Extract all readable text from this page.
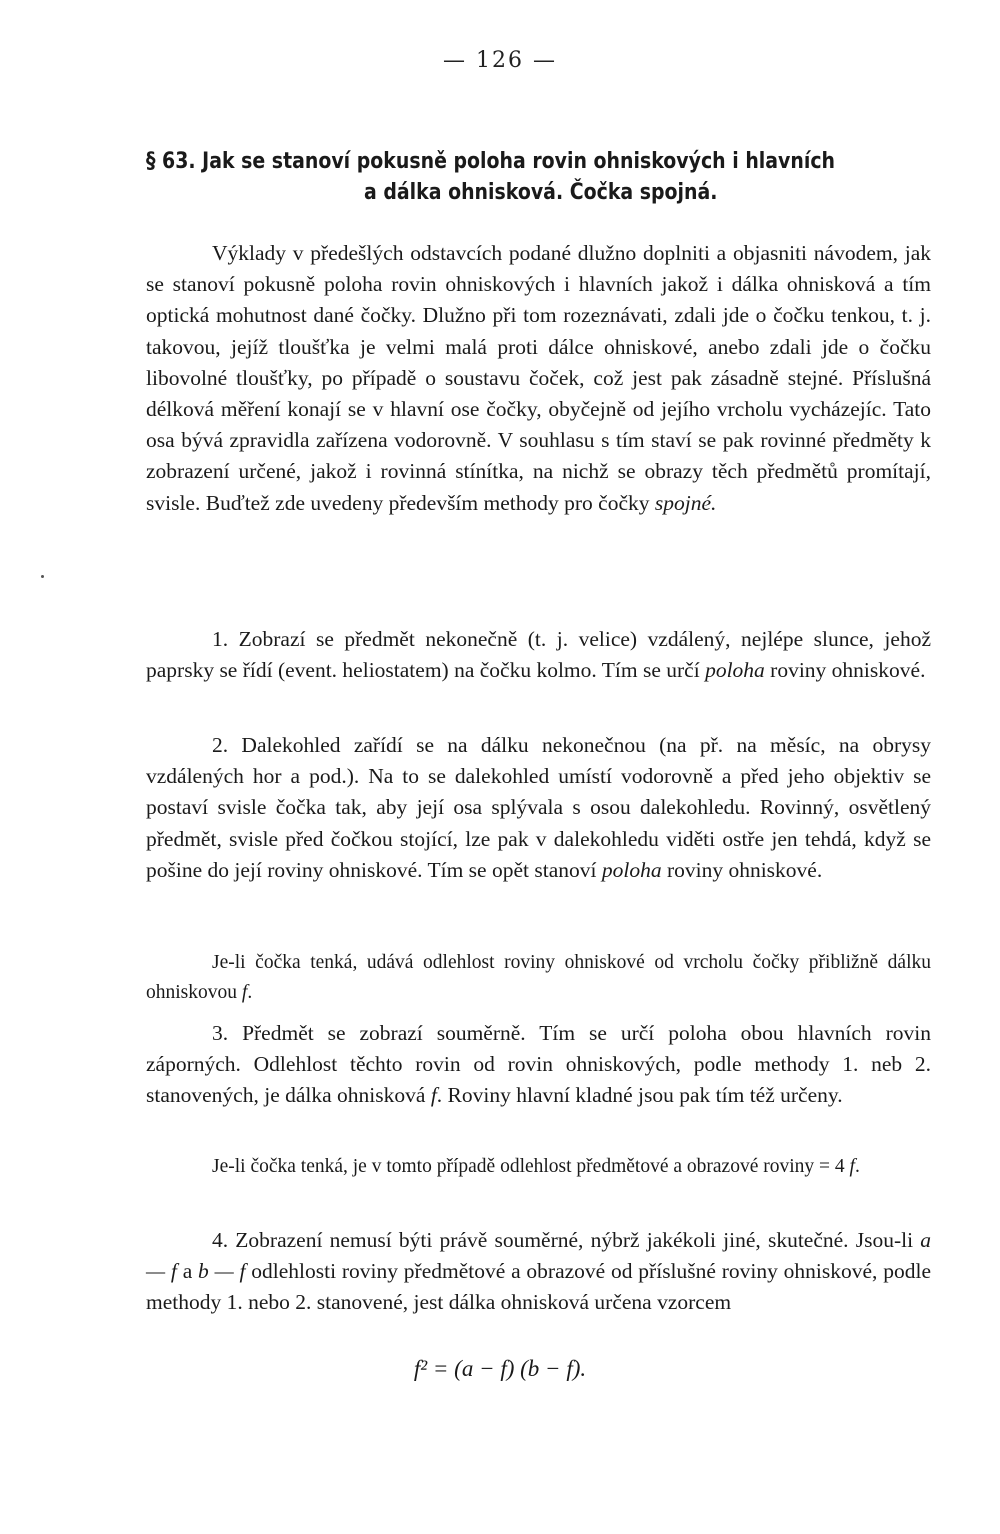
— 126 —
§ 63. Jak se stanoví pokusně poloha rovin ohniskových i hlavních
a dálka ohnisková. Čočka spojná.

Výklady v předešlých odstavcích podané dlužno doplniti a objasniti návodem, jak se stanoví pokusně poloha rovin ohniskových i hlavních jakož i dálka ohnisková a tím optická mohutnost dané čočky. Dlužno při tom rozeznávati, zdali jde o čočku tenkou, t. j. takovou, jejíž tloušťka je velmi malá proti dálce ohniskové, anebo zdali jde o čočku libovolné tloušťky, po případě o soustavu čoček, což jest pak zásadně stejné. Příslušná délková měření konají se v hlavní ose čočky, obyčejně od jejího vrcholu vycházejíc. Tato osa bývá zpravidla zařízena vodorovně. V souhlasu s tím staví se pak rovinné předměty k zobrazení určené, jakož i rovinná stínítka, na nichž se obrazy těch předmětů promítají, svisle. Buďtež zde uvedeny především methody pro čočky spojné.

1. Zobrazí se předmět nekonečně (t. j. velice) vzdálený, nejlépe slunce, jehož paprsky se řídí (event. heliostatem) na čočku kolmo. Tím se určí poloha roviny ohniskové.

2. Dalekohled zařídí se na dálku nekonečnou (na př. na měsíc, na obrysy vzdálených hor a pod.). Na to se dalekohled umístí vodorovně a před jeho objektiv se postaví svisle čočka tak, aby její osa splývala s osou dalekohledu. Rovinný, osvětlený předmět, svisle před čočkou stojící, lze pak v dalekohledu viděti ostře jen tehdá, když se pošine do její roviny ohniskové. Tím se opět stanoví poloha roviny ohniskové.

Je-li čočka tenká, udává odlehlost roviny ohniskové od vrcholu čočky přibližně dálku ohniskovou f.

3. Předmět se zobrazí souměrně. Tím se určí poloha obou hlavních rovin záporných. Odlehlost těchto rovin od rovin ohniskových, podle methody 1. neb 2. stanovených, je dálka ohnisková f. Roviny hlavní kladné jsou pak tím též určeny.

Je-li čočka tenká, je v tomto případě odlehlost předmětové a obrazové roviny = 4 f.

4. Zobrazení nemusí býti právě souměrné, nýbrž jakékoli jiné, skutečné. Jsou-li a — f a b — f odlehlosti roviny předmětové a obrazové od příslušné roviny ohniskové, podle methody 1. nebo 2. stanovené, jest dálka ohnisková určena vzorcem

f² = (a − f) (b − f).
